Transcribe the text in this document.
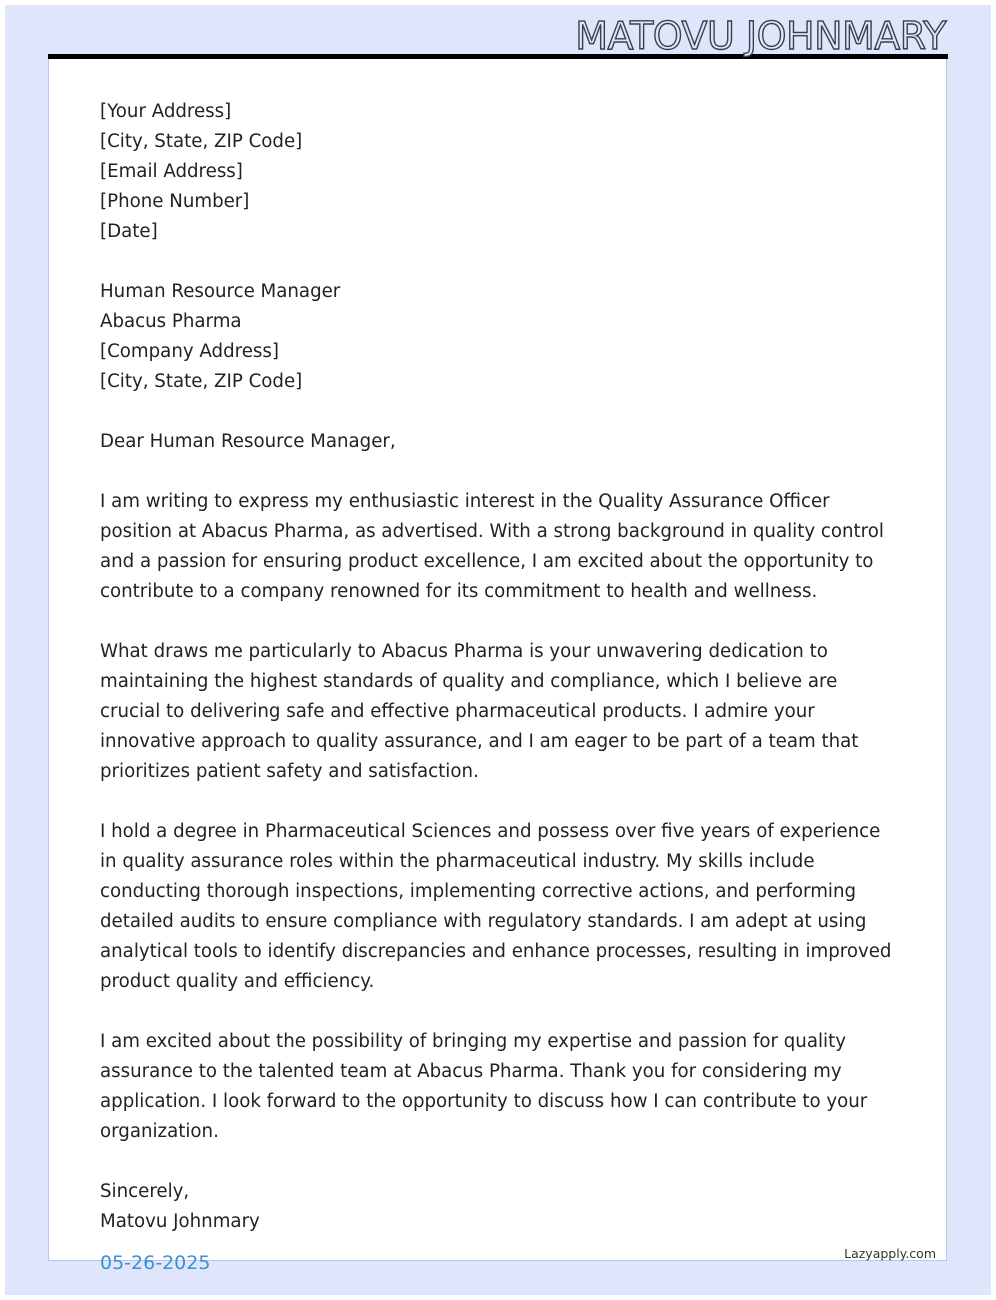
MATOVU JOHNMARY

[Your Address]
[City, State, ZIP Code]
[Email Address]
[Phone Number]
[Date]

Human Resource Manager
Abacus Pharma
[Company Address]
[City, State, ZIP Code]

Dear Human Resource Manager,

I am writing to express my enthusiastic interest in the Quality Assurance Officer position at Abacus Pharma, as advertised. With a strong background in quality control and a passion for ensuring product excellence, I am excited about the opportunity to contribute to a company renowned for its commitment to health and wellness.

What draws me particularly to Abacus Pharma is your unwavering dedication to maintaining the highest standards of quality and compliance, which I believe are crucial to delivering safe and effective pharmaceutical products. I admire your innovative approach to quality assurance, and I am eager to be part of a team that prioritizes patient safety and satisfaction.

I hold a degree in Pharmaceutical Sciences and possess over five years of experience in quality assurance roles within the pharmaceutical industry. My skills include conducting thorough inspections, implementing corrective actions, and performing detailed audits to ensure compliance with regulatory standards. I am adept at using analytical tools to identify discrepancies and enhance processes, resulting in improved product quality and efficiency.

I am excited about the possibility of bringing my expertise and passion for quality assurance to the talented team at Abacus Pharma. Thank you for considering my application. I look forward to the opportunity to discuss how I can contribute to your organization.

Sincerely,
Matovu Johnmary

05-26-2025	Lazyapply.com
